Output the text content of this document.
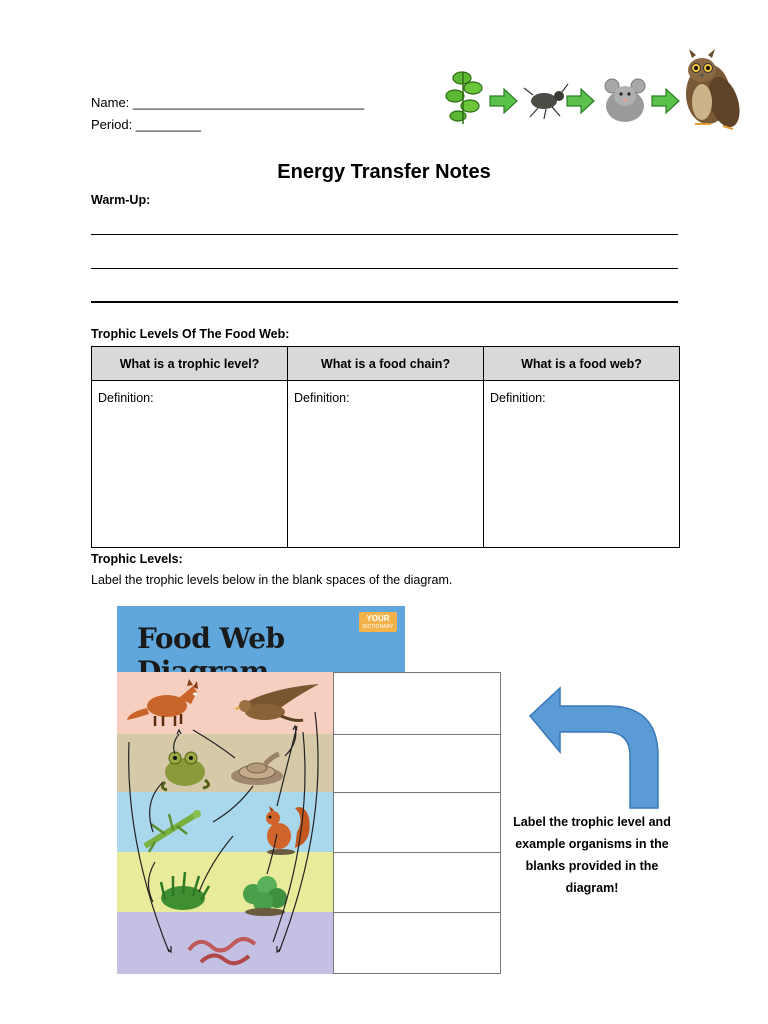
Name: ________________________________
Period: _________
Energy Transfer Notes
Warm-Up:
Trophic Levels Of The Food Web:
What is a trophic level?	What is a food chain?	What is a food web?
Definition:	Definition:	Definition:
Trophic Levels:
Label the trophic levels below in the blank spaces of the diagram.
Food Web
YOUR
DICTIONARY
Label the trophic level and example organisms in the blanks provided in the diagram!
